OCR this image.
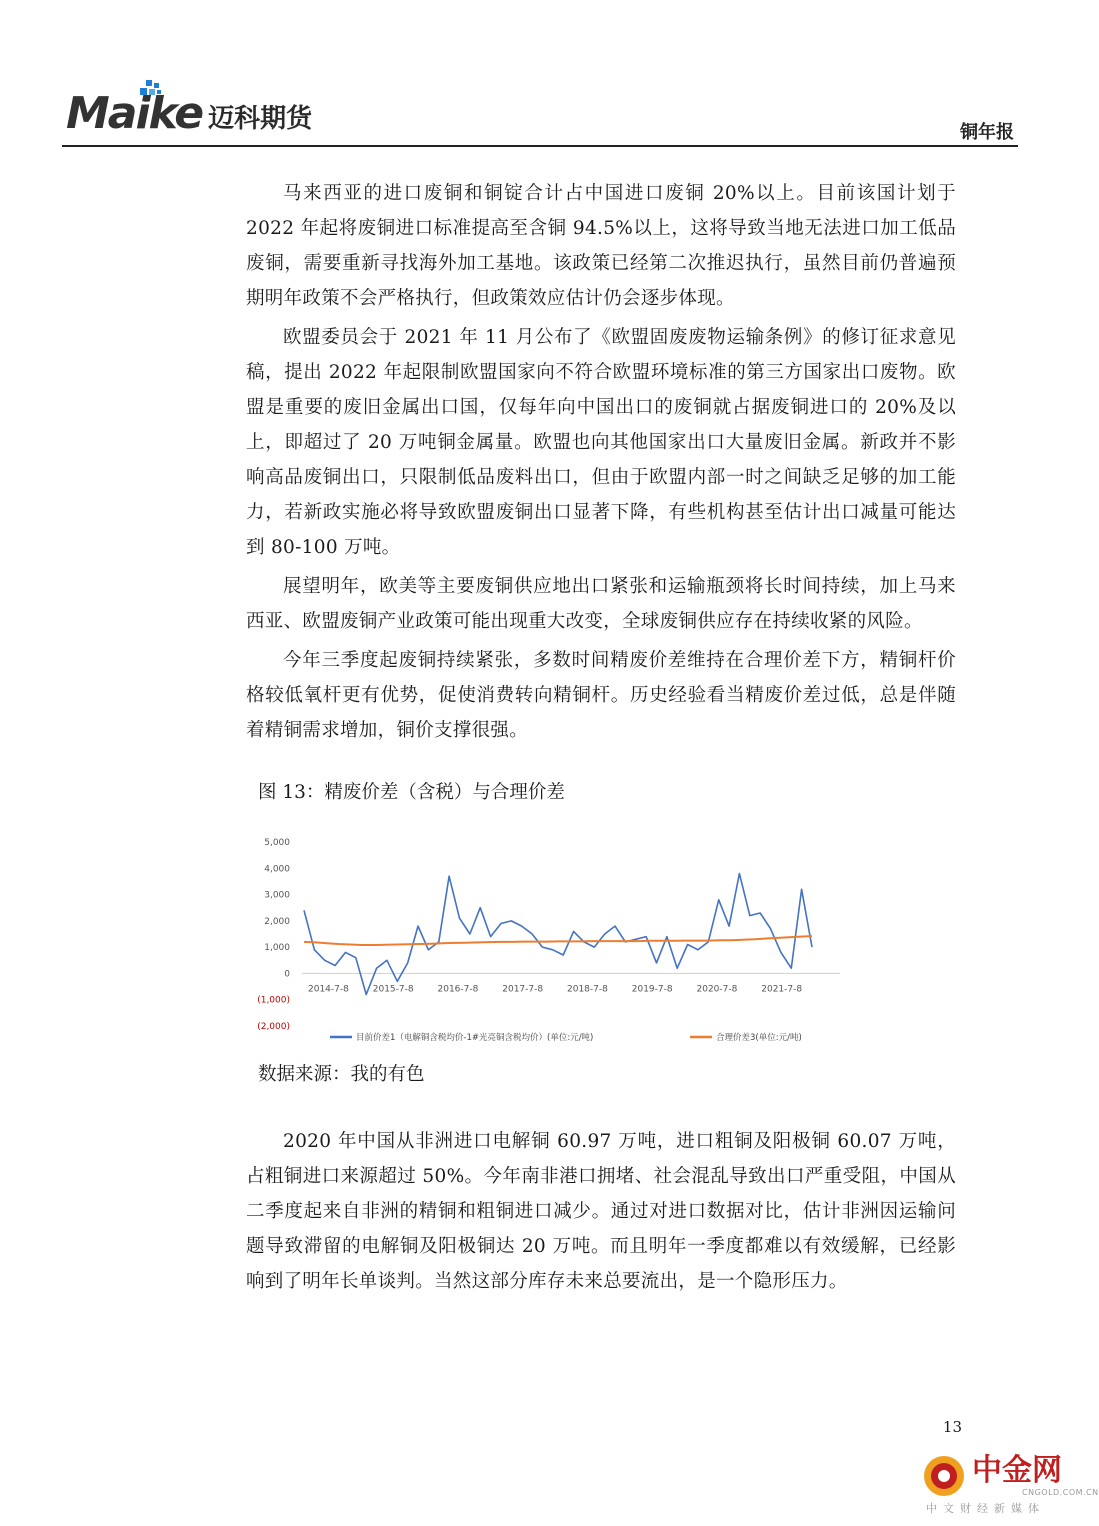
Maike 迈科期货	铜年报

马来西亚的进口废铜和铜锭合计占中国进口废铜 20%以上。目前该国计划于 2022 年起将废铜进口标准提高至含铜 94.5%以上，这将导致当地无法进口加工低品废铜，需要重新寻找海外加工基地。该政策已经第二次推迟执行，虽然目前仍普遍预期明年政策不会严格执行，但政策效应估计仍会逐步体现。

欧盟委员会于 2021 年 11 月公布了《欧盟固废废物运输条例》的修订征求意见稿，提出 2022 年起限制欧盟国家向不符合欧盟环境标准的第三方国家出口废物。欧盟是重要的废旧金属出口国，仅每年向中国出口的废铜就占据废铜进口的 20%及以上，即超过了 20 万吨铜金属量。欧盟也向其他国家出口大量废旧金属。新政并不影响高品废铜出口，只限制低品废料出口，但由于欧盟内部一时之间缺乏足够的加工能力，若新政实施必将导致欧盟废铜出口显著下降，有些机构甚至估计出口减量可能达到 80-100 万吨。

展望明年，欧美等主要废铜供应地出口紧张和运输瓶颈将长时间持续，加上马来西亚、欧盟废铜产业政策可能出现重大改变，全球废铜供应存在持续收紧的风险。

今年三季度起废铜持续紧张，多数时间精废价差维持在合理价差下方，精铜杆价格较低氧杆更有优势，促使消费转向精铜杆。历史经验看当精废价差过低，总是伴随着精铜需求增加，铜价支撑很强。

图 13：精废价差（含税）与合理价差
5,000
4,000
3,000
2,000
1,000
0
(1,000)
(2,000)
2014-7-8	2015-7-8	2016-7-8	2017-7-8	2018-7-8	2019-7-8	2020-7-8	2021-7-8
目前价差1（电解铜含税均价-1#光亮铜含税均价）(单位:元/吨)	合理价差3(单位:元/吨)
数据来源：我的有色

2020 年中国从非洲进口电解铜 60.97 万吨，进口粗铜及阳极铜 60.07 万吨，占粗铜进口来源超过 50%。今年南非港口拥堵、社会混乱导致出口严重受阻，中国从二季度起来自非洲的精铜和粗铜进口减少。通过对进口数据对比，估计非洲因运输问题导致滞留的电解铜及阳极铜达 20 万吨。而且明年一季度都难以有效缓解，已经影响到了明年长单谈判。当然这部分库存未来总要流出，是一个隐形压力。

13
中金网
CNGOLD.COM.CN
中文财经新媒体
